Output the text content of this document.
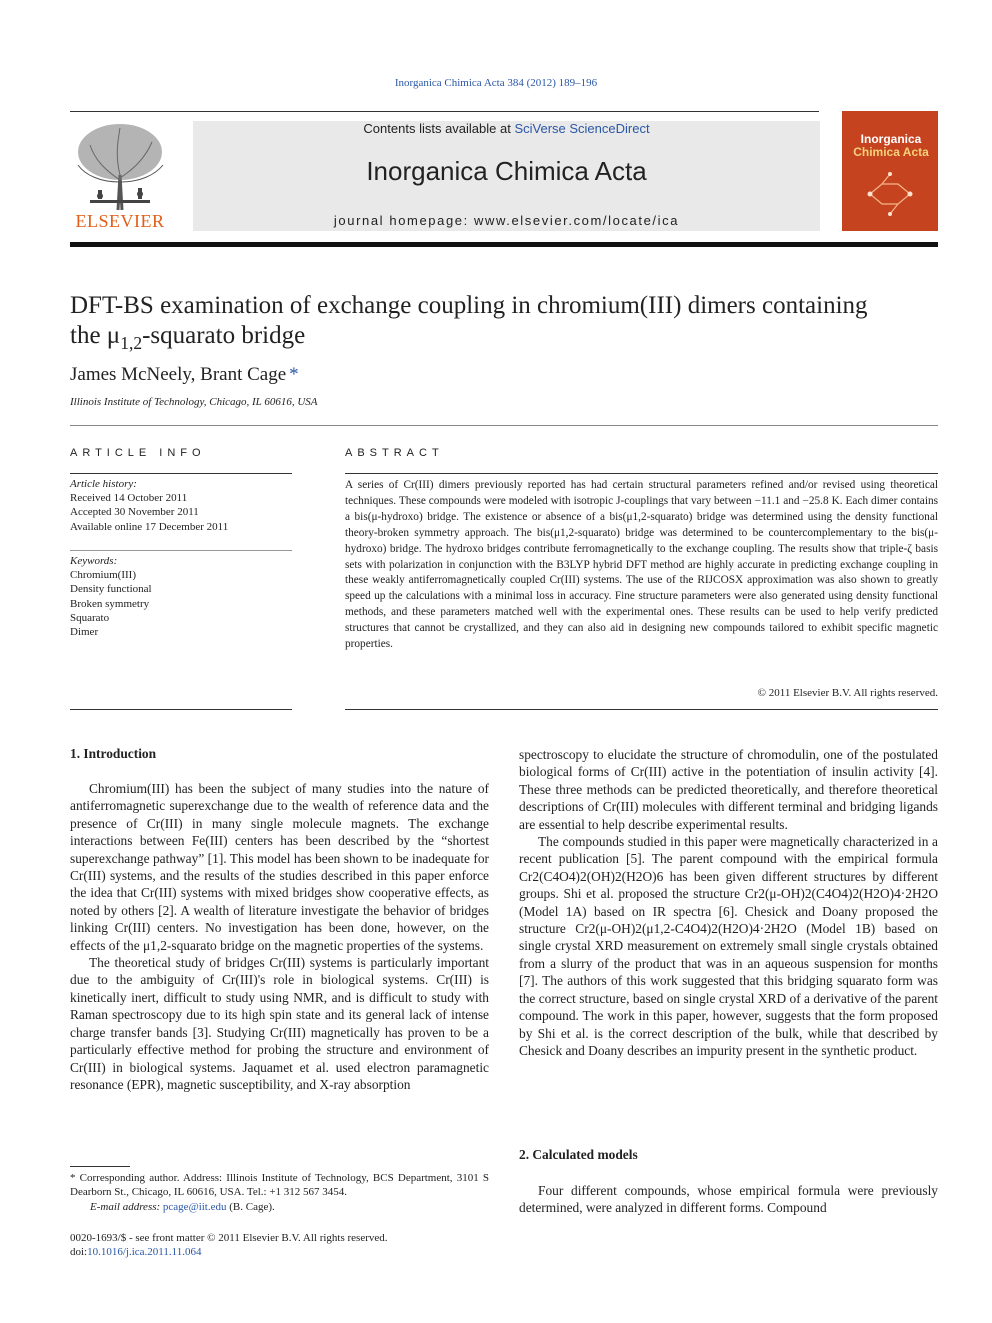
Inorganica Chimica Acta 384 (2012) 189–196
ELSEVIER
Contents lists available at SciVerse ScienceDirect
Inorganica Chimica Acta
journal homepage: www.elsevier.com/locate/ica
Inorganica
Chimica Acta
DFT-BS examination of exchange coupling in chromium(III) dimers containing
the $\mu_{1,2}$-squarato bridge
James McNeely, Brant Cage *
Illinois Institute of Technology, Chicago, IL 60616, USA
ARTICLE INFO
Article history:
Received 14 October 2011
Accepted 30 November 2011
Available online 17 December 2011
Keywords:
Chromium(III)
Density functional
Broken symmetry
Squarato
Dimer
ABSTRACT
A series of Cr(III) dimers previously reported has had certain structural parameters refined and/or revised using theoretical techniques. These compounds were modeled with isotropic J-couplings that vary between −11.1 and −25.8 K. Each dimer contains a bis(μ-hydroxo) bridge. The existence or absence of a bis(μ1,2-squarato) bridge was determined using the density functional theory-broken symmetry approach. The bis(μ1,2-squarato) bridge was determined to be countercomplementary to the bis(μ-hydroxo) bridge. The hydroxo bridges contribute ferromagnetically to the exchange coupling. The results show that triple-ζ basis sets with polarization in conjunction with the B3LYP hybrid DFT method are highly accurate in predicting exchange coupling in these weakly antiferromagnetically coupled Cr(III) systems. The use of the RIJCOSX approximation was also shown to greatly speed up the calculations with a minimal loss in accuracy. Fine structure parameters were also generated using density functional methods, and these parameters matched well with the experimental ones. These results can be used to help verify predicted structures that cannot be crystallized, and they can also aid in designing new compounds tailored to exhibit specific magnetic properties.
© 2011 Elsevier B.V. All rights reserved.
1. Introduction

Chromium(III) has been the subject of many studies into the nature of antiferromagnetic superexchange due to the wealth of reference data and the presence of Cr(III) in many single molecule magnets. The exchange interactions between Fe(III) centers has been described by the “shortest superexchange pathway” [1]. This model has been shown to be inadequate for Cr(III) systems, and the results of the studies described in this paper enforce the idea that Cr(III) systems with mixed bridges show cooperative effects, as noted by others [2]. A wealth of literature investigate the behavior of bridges linking Cr(III) centers. No investigation has been done, however, on the effects of the μ1,2-squarato bridge on the magnetic properties of the systems.

The theoretical study of bridges Cr(III) systems is particularly important due to the ambiguity of Cr(III)'s role in biological systems. Cr(III) is kinetically inert, difficult to study using NMR, and is difficult to study with Raman spectroscopy due to its high spin state and its general lack of intense charge transfer bands [3]. Studying Cr(III) magnetically has proven to be a particularly effective method for probing the structure and environment of Cr(III) in biological systems. Jaquamet et al. used electron paramagnetic resonance (EPR), magnetic susceptibility, and X-ray absorption

* Corresponding author. Address: Illinois Institute of Technology, BCS Department, 3101 S Dearborn St., Chicago, IL 60616, USA. Tel.: +1 312 567 3454.
E-mail address: pcage@iit.edu (B. Cage).
0020-1693/$ - see front matter © 2011 Elsevier B.V. All rights reserved.
doi:10.1016/j.ica.2011.11.064

spectroscopy to elucidate the structure of chromodulin, one of the postulated biological forms of Cr(III) active in the potentiation of insulin activity [4]. These three methods can be predicted theoretically, and therefore theoretical descriptions of Cr(III) molecules with different terminal and bridging ligands are essential to help describe experimental results.

The compounds studied in this paper were magnetically characterized in a recent publication [5]. The parent compound with the empirical formula Cr2(C4O4)2(OH)2(H2O)6 has been given different structures by different groups. Shi et al. proposed the structure Cr2(μ-OH)2(C4O4)2(H2O)4·2H2O (Model 1A) based on IR spectra [6]. Chesick and Doany proposed the structure Cr2(μ-OH)2(μ1,2-C4O4)2(H2O)4·2H2O (Model 1B) based on single crystal XRD measurement on extremely small single crystals obtained from a slurry of the product that was in an aqueous suspension for months [7]. The authors of this work suggested that this bridging squarato form was the correct structure, based on single crystal XRD of a derivative of the parent compound. The work in this paper, however, suggests that the form proposed by Shi et al. is the correct description of the bulk, while that described by Chesick and Doany describes an impurity present in the synthetic product.

2. Calculated models

Four different compounds, whose empirical formula were previously determined, were analyzed in different forms. Compound
